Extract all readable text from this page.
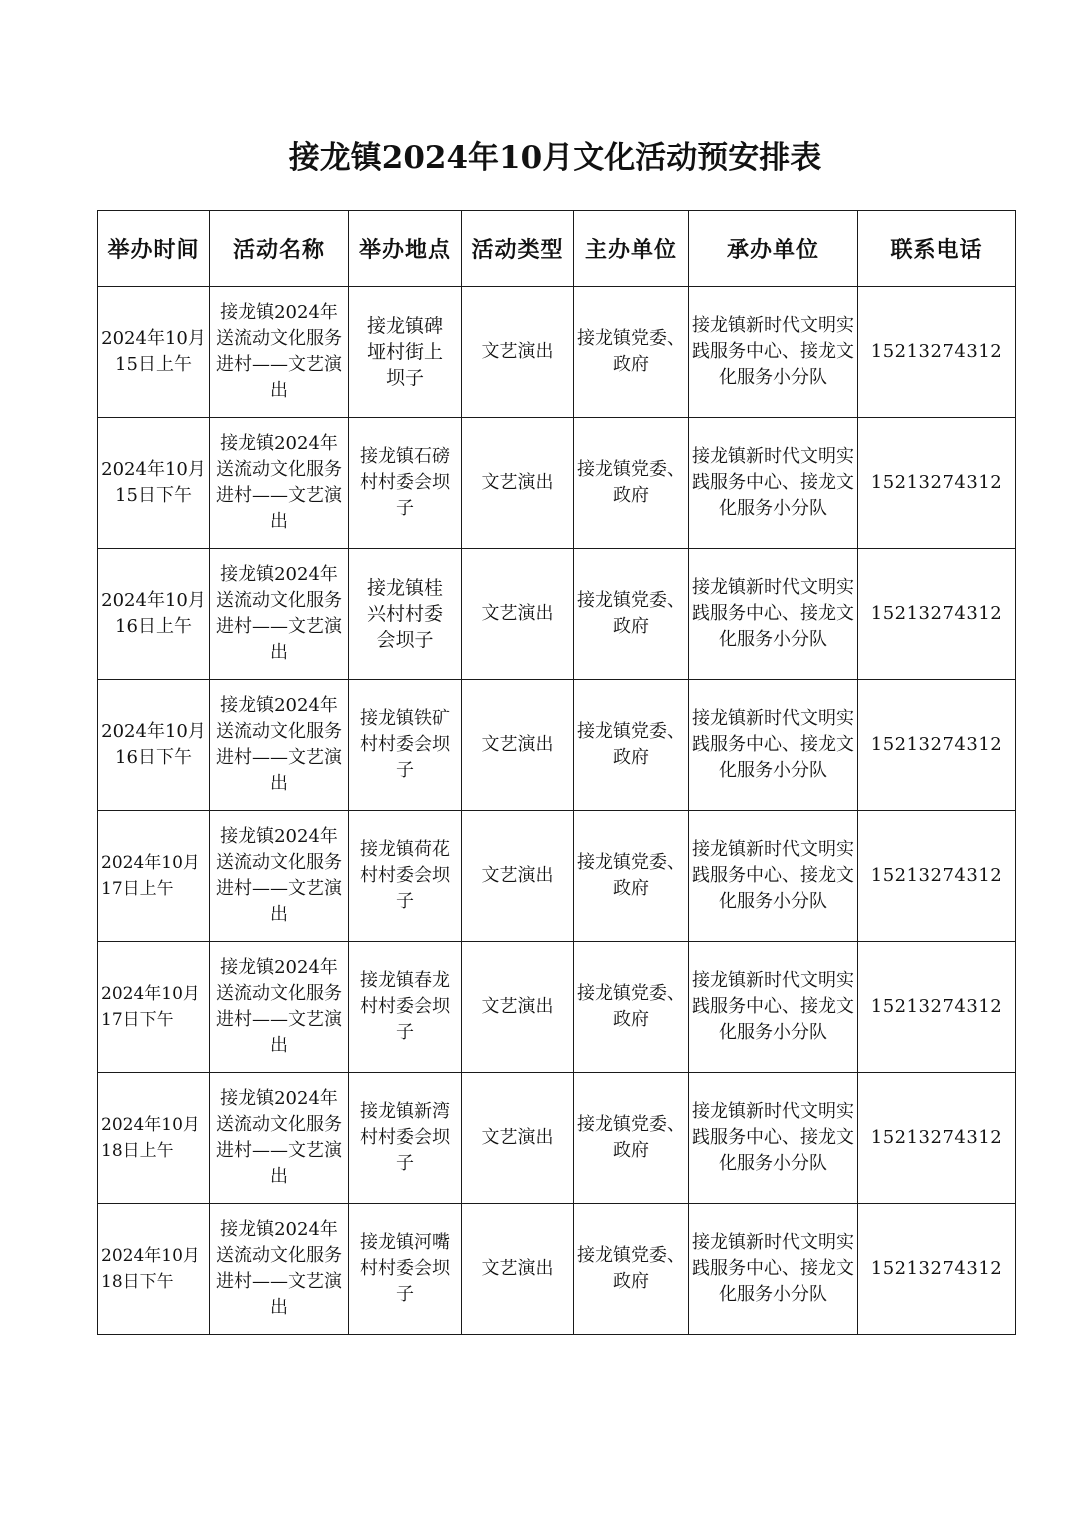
接龙镇2024年10月文化活动预安排表
举办时间	活动名称	举办地点	活动类型	主办单位	承办单位	联系电话
2024年10月15日上午	接龙镇2024年送流动文化服务进村——文艺演出	接龙镇碑垭村街上坝子	文艺演出	接龙镇党委、政府	接龙镇新时代文明实践服务中心、接龙文化服务小分队	15213274312
2024年10月15日下午	接龙镇2024年送流动文化服务进村——文艺演出	接龙镇石磅村村委会坝子	文艺演出	接龙镇党委、政府	接龙镇新时代文明实践服务中心、接龙文化服务小分队	15213274312
2024年10月16日上午	接龙镇2024年送流动文化服务进村——文艺演出	接龙镇桂兴村村委会坝子	文艺演出	接龙镇党委、政府	接龙镇新时代文明实践服务中心、接龙文化服务小分队	15213274312
2024年10月16日下午	接龙镇2024年送流动文化服务进村——文艺演出	接龙镇铁矿村村委会坝子	文艺演出	接龙镇党委、政府	接龙镇新时代文明实践服务中心、接龙文化服务小分队	15213274312
2024年10月17日上午	接龙镇2024年送流动文化服务进村——文艺演出	接龙镇荷花村村委会坝子	文艺演出	接龙镇党委、政府	接龙镇新时代文明实践服务中心、接龙文化服务小分队	15213274312
2024年10月17日下午	接龙镇2024年送流动文化服务进村——文艺演出	接龙镇春龙村村委会坝子	文艺演出	接龙镇党委、政府	接龙镇新时代文明实践服务中心、接龙文化服务小分队	15213274312
2024年10月18日上午	接龙镇2024年送流动文化服务进村——文艺演出	接龙镇新湾村村委会坝子	文艺演出	接龙镇党委、政府	接龙镇新时代文明实践服务中心、接龙文化服务小分队	15213274312
2024年10月18日下午	接龙镇2024年送流动文化服务进村——文艺演出	接龙镇河嘴村村委会坝子	文艺演出	接龙镇党委、政府	接龙镇新时代文明实践服务中心、接龙文化服务小分队	15213274312
